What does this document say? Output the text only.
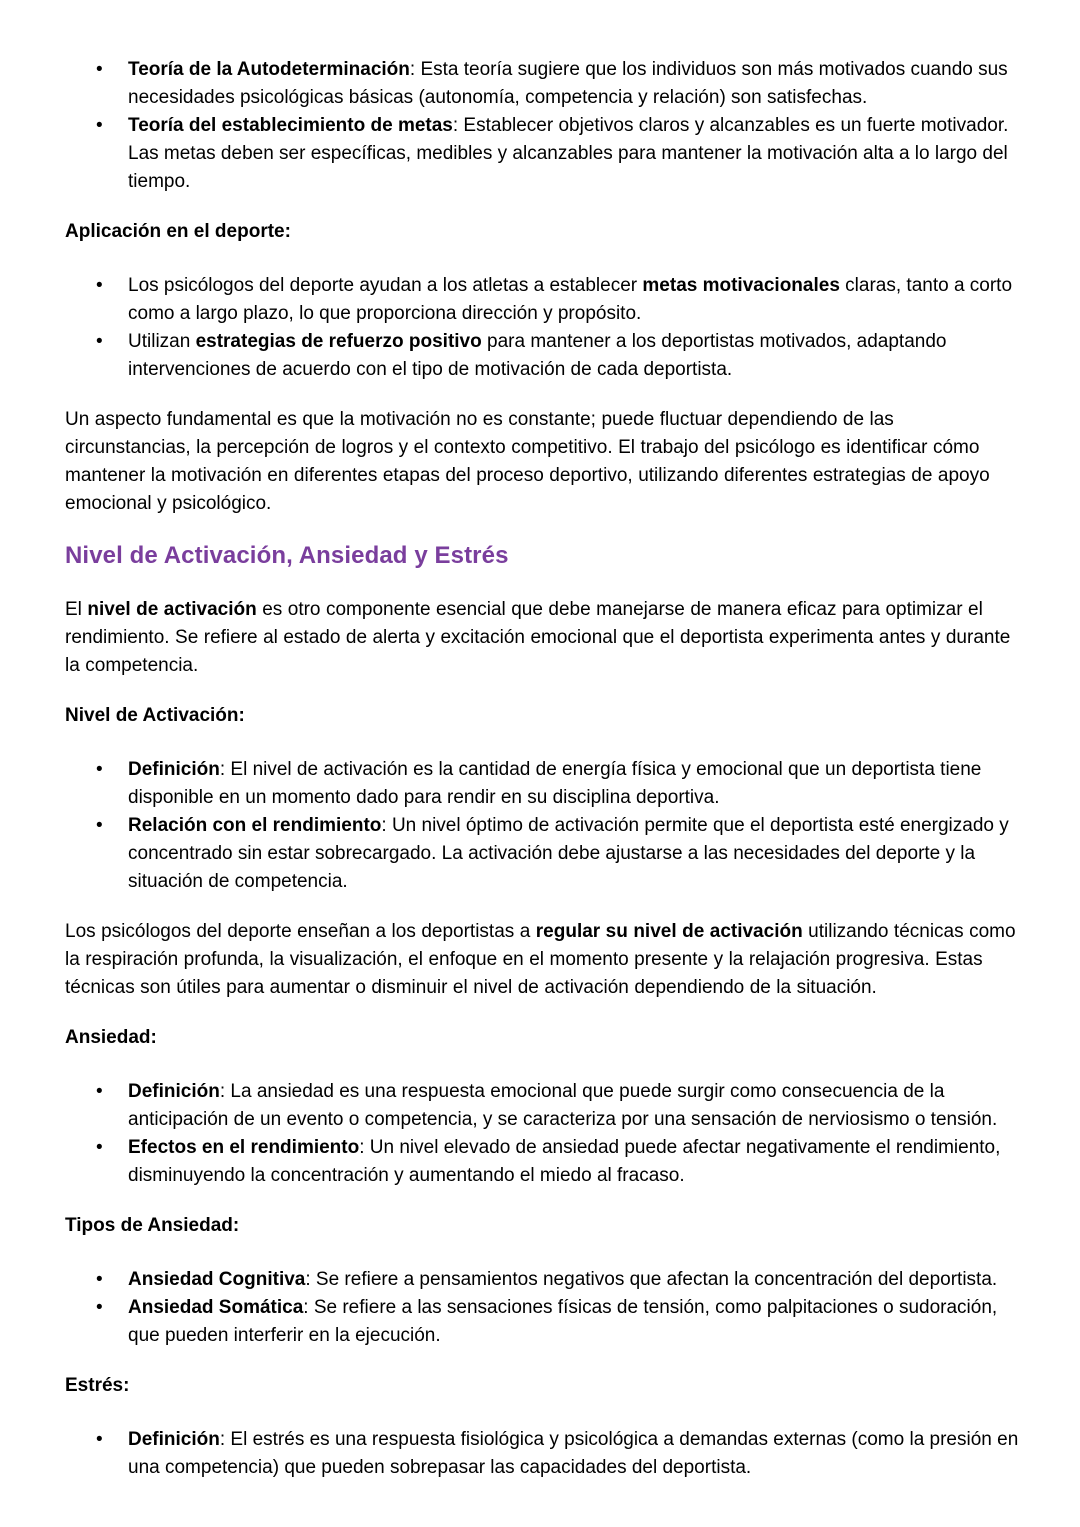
•	Teoría de la Autodeterminación: Esta teoría sugiere que los individuos son más motivados cuando sus necesidades psicológicas básicas (autonomía, competencia y relación) son satisfechas.
•	Teoría del establecimiento de metas: Establecer objetivos claros y alcanzables es un fuerte motivador. Las metas deben ser específicas, medibles y alcanzables para mantener la motivación alta a lo largo del tiempo.

Aplicación en el deporte:

•	Los psicólogos del deporte ayudan a los atletas a establecer metas motivacionales claras, tanto a corto como a largo plazo, lo que proporciona dirección y propósito.
•	Utilizan estrategias de refuerzo positivo para mantener a los deportistas motivados, adaptando intervenciones de acuerdo con el tipo de motivación de cada deportista.

Un aspecto fundamental es que la motivación no es constante; puede fluctuar dependiendo de las circunstancias, la percepción de logros y el contexto competitivo. El trabajo del psicólogo es identificar cómo mantener la motivación en diferentes etapas del proceso deportivo, utilizando diferentes estrategias de apoyo emocional y psicológico.

Nivel de Activación, Ansiedad y Estrés

El nivel de activación es otro componente esencial que debe manejarse de manera eficaz para optimizar el rendimiento. Se refiere al estado de alerta y excitación emocional que el deportista experimenta antes y durante la competencia.

Nivel de Activación:

•	Definición: El nivel de activación es la cantidad de energía física y emocional que un deportista tiene disponible en un momento dado para rendir en su disciplina deportiva.
•	Relación con el rendimiento: Un nivel óptimo de activación permite que el deportista esté energizado y concentrado sin estar sobrecargado. La activación debe ajustarse a las necesidades del deporte y la situación de competencia.

Los psicólogos del deporte enseñan a los deportistas a regular su nivel de activación utilizando técnicas como la respiración profunda, la visualización, el enfoque en el momento presente y la relajación progresiva. Estas técnicas son útiles para aumentar o disminuir el nivel de activación dependiendo de la situación.

Ansiedad:

•	Definición: La ansiedad es una respuesta emocional que puede surgir como consecuencia de la anticipación de un evento o competencia, y se caracteriza por una sensación de nerviosismo o tensión.
•	Efectos en el rendimiento: Un nivel elevado de ansiedad puede afectar negativamente el rendimiento, disminuyendo la concentración y aumentando el miedo al fracaso.

Tipos de Ansiedad:

•	Ansiedad Cognitiva: Se refiere a pensamientos negativos que afectan la concentración del deportista.
•	Ansiedad Somática: Se refiere a las sensaciones físicas de tensión, como palpitaciones o sudoración, que pueden interferir en la ejecución.

Estrés:

•	Definición: El estrés es una respuesta fisiológica y psicológica a demandas externas (como la presión en una competencia) que pueden sobrepasar las capacidades del deportista.
